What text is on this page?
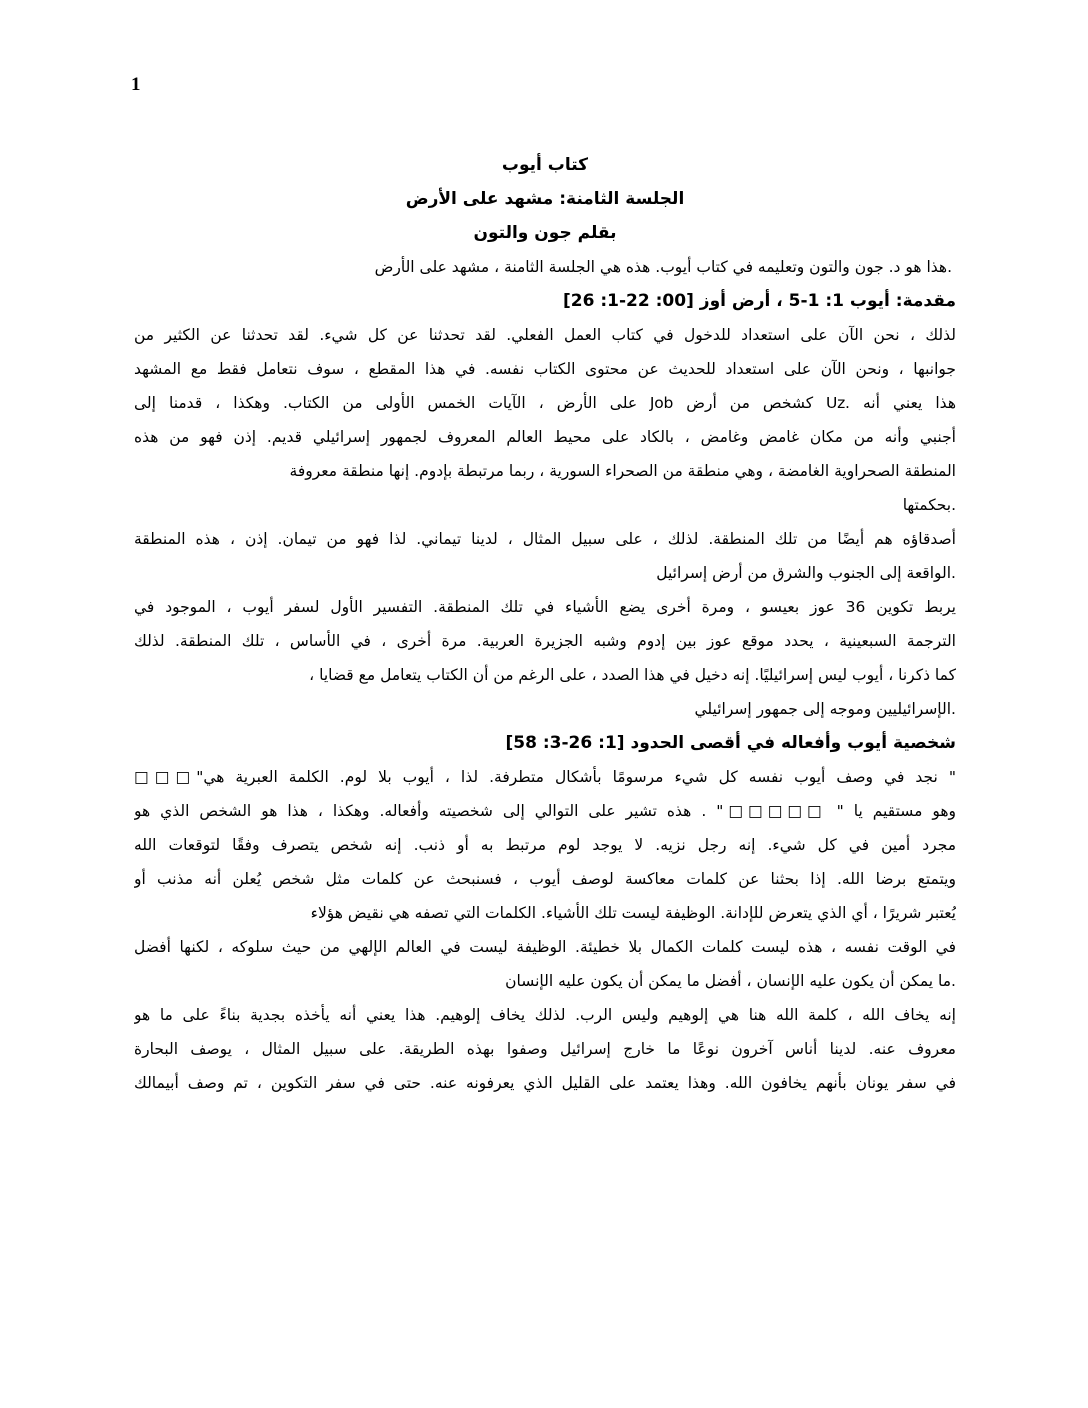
1
كتاب أيوب
الجلسة الثامنة: مشهد على الأرض
بقلم جون والتون

.هذا هو د. جون والتون وتعليمه في كتاب أيوب. هذه هي الجلسة الثامنة ، مشهد على الأرض

مقدمة: أيوب 1: 1-5 ، أرض أوز [00: 22-1: 26]

لذلك ، نحن الآن على استعداد للدخول في كتاب العمل الفعلي. لقد تحدثنا عن كل شيء. لقد تحدثنا عن الكثير من

جوانبها ، ونحن الآن على استعداد للحديث عن محتوى الكتاب نفسه. في هذا المقطع ، سوف نتعامل فقط مع المشهد

هذا يعني أنه .Uz كشخص من أرض Job على الأرض ، الآيات الخمس الأولى من الكتاب. وهكذا ، قدمنا إلى

أجنبي وأنه من مكان غامض وغامض ، بالكاد على محيط العالم المعروف لجمهور إسرائيلي قديم. إذن فهو من هذه

المنطقة الصحراوية الغامضة ، وهي منطقة من الصحراء السورية ، ربما مرتبطة بإدوم. إنها منطقة معروفة

.بحكمتها

أصدقاؤه هم أيضًا من تلك المنطقة. لذلك ، على سبيل المثال ، لدينا تيماني. لذا فهو من تيمان. إذن ، هذه المنطقة

.الواقعة إلى الجنوب والشرق من أرض إسرائيل

يربط تكوين 36 عوز بعيسو ، ومرة أخرى يضع الأشياء في تلك المنطقة. التفسير الأول لسفر أيوب ، الموجود في

الترجمة السبعينية ، يحدد موقع عوز بين إدوم وشبه الجزيرة العربية. مرة أخرى ، في الأساس ، تلك المنطقة. لذلك

كما ذكرنا ، أيوب ليس إسرائيليًا. إنه دخيل في هذا الصدد ، على الرغم من أن الكتاب يتعامل مع قضايا ،

.الإسرائيليين وموجه إلى جمهور إسرائيلي

شخصية أيوب وأفعاله في أقصى الحدود [1: 26-3: 58]

" نجد في وصف أيوب نفسه كل شيء مرسومًا بأشكال متطرفة. لذا ، أيوب بلا لوم. الكلمة العبرية هي"□□□

وهو مستقيم يا " □□□□□" . هذه تشير على التوالي إلى شخصيته وأفعاله. وهكذا ، هذا هو الشخص الذي هو

مجرد أمين في كل شيء. إنه رجل نزيه. لا يوجد لوم مرتبط به أو ذنب. إنه شخص يتصرف وفقًا لتوقعات الله

ويتمتع برضا الله. إذا بحثنا عن كلمات معاكسة لوصف أيوب ، فسنبحث عن كلمات مثل شخص يُعلن أنه مذنب أو

يُعتبر شريرًا ، أي الذي يتعرض للإدانة. الوظيفة ليست تلك الأشياء. الكلمات التي تصفه هي نقيض هؤلاء

في الوقت نفسه ، هذه ليست كلمات الكمال بلا خطيئة. الوظيفة ليست في العالم الإلهي من حيث سلوكه ، لكنها أفضل

.ما يمكن أن يكون عليه الإنسان ، أفضل ما يمكن أن يكون عليه الإنسان

إنه يخاف الله ، كلمة الله هنا هي إلوهيم وليس الرب. لذلك يخاف إلوهيم. هذا يعني أنه يأخذه بجدية بناءً على ما هو

معروف عنه. لدينا أناس آخرون نوعًا ما خارج إسرائيل وصفوا بهذه الطريقة. على سبيل المثال ، يوصف البحارة

في سفر يونان بأنهم يخافون الله. وهذا يعتمد على القليل الذي يعرفونه عنه. حتى في سفر التكوين ، تم وصف أبيمالك
